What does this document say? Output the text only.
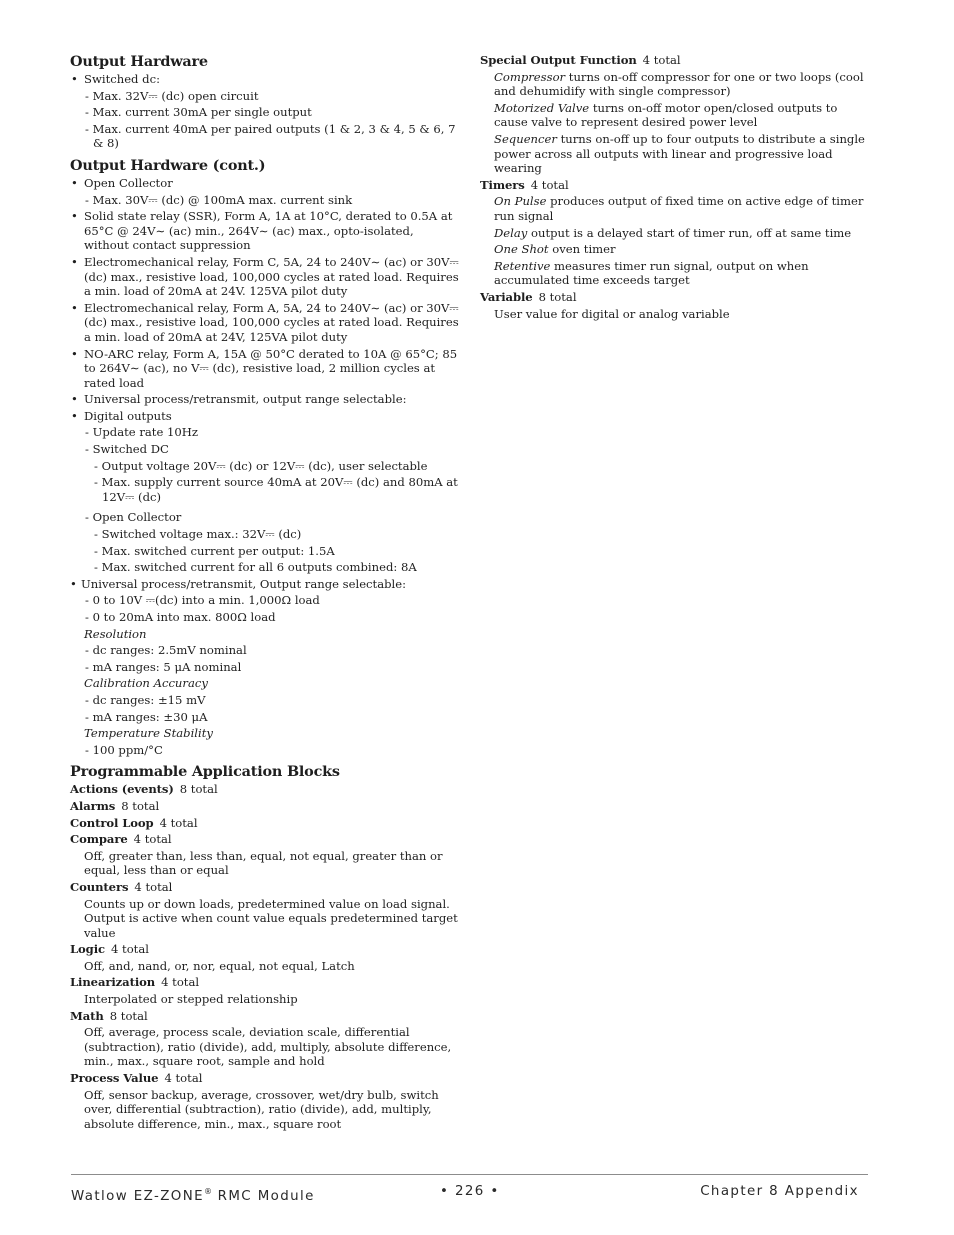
Output Hardware
• Switched dc:
- Max. 32V⎓ (dc) open circuit
- Max. current 30mA per single output
- Max. current 40mA per paired outputs (1 & 2, 3 & 4, 5 & 6, 7 & 8)
Output Hardware (cont.)
• Open Collector
- Max. 30V⎓ (dc) @ 100mA max. current sink
• Solid state relay (SSR), Form A, 1A at 10°C, derated to 0.5A at 65°C @ 24V∼ (ac) min., 264V∼ (ac) max., opto-isolated, without contact suppression
• Electromechanical relay, Form C, 5A, 24 to 240V∼ (ac) or 30V⎓ (dc) max., resistive load, 100,000 cycles at rated load. Requires a min. load of 20mA at 24V. 125VA pilot duty
• Electromechanical relay, Form A, 5A, 24 to 240V∼ (ac) or 30V⎓ (dc) max., resistive load, 100,000 cycles at rated load. Requires a min. load of 20mA at 24V, 125VA pilot duty
• NO-ARC relay, Form A, 15A @ 50°C derated to 10A @ 65°C; 85 to 264V∼ (ac), no V⎓ (dc), resistive load, 2 million cycles at rated load
• Universal process/retransmit, output range selectable:
• Digital outputs
- Update rate 10Hz
- Switched DC
- Output voltage 20V⎓ (dc) or 12V⎓ (dc), user selectable
- Max. supply current source 40mA at 20V⎓ (dc) and 80mA at 12V⎓ (dc)
- Open Collector
- Switched voltage max.: 32V⎓ (dc)
- Max. switched current per output: 1.5A
- Max. switched current for all 6 outputs combined: 8A
• Universal process/retransmit, Output range selectable:
- 0 to 10V ⎓(dc) into a min. 1,000Ω load
- 0 to 20mA into max. 800Ω load
Resolution
- dc ranges: 2.5mV nominal
- mA ranges: 5 μA nominal
Calibration Accuracy
- dc ranges: ±15 mV
- mA ranges: ±30 μA
Temperature Stability
- 100 ppm/°C
Programmable Application Blocks
Actions (events) 8 total
Alarms 8 total
Control Loop 4 total
Compare 4 total
Off, greater than, less than, equal, not equal, greater than or equal, less than or equal
Counters 4 total
Counts up or down loads, predetermined value on load signal. Output is active when count value equals predetermined target value
Logic 4 total
Off, and, nand, or, nor, equal, not equal, Latch
Linearization 4 total
Interpolated or stepped relationship
Math 8 total
Off, average, process scale, deviation scale, differential (subtraction), ratio (divide), add, multiply, absolute difference, min., max., square root, sample and hold
Process Value 4 total
Off, sensor backup, average, crossover, wet/dry bulb, switch over, differential (subtraction), ratio (divide), add, multiply, absolute difference, min., max., square root
Special Output Function 4 total
Compressor turns on-off compressor for one or two loops (cool and dehumidify with single compressor)
Motorized Valve turns on-off motor open/closed outputs to cause valve to represent desired power level
Sequencer turns on-off up to four outputs to distribute a single power across all outputs with linear and progressive load wearing
Timers 4 total
On Pulse produces output of fixed time on active edge of timer run signal
Delay output is a delayed start of timer run, off at same time
One Shot oven timer
Retentive measures timer run signal, output on when accumulated time exceeds target
Variable 8 total
User value for digital or analog variable
Watlow EZ-ZONE® RMC Module	• 226 •	Chapter 8 Appendix
